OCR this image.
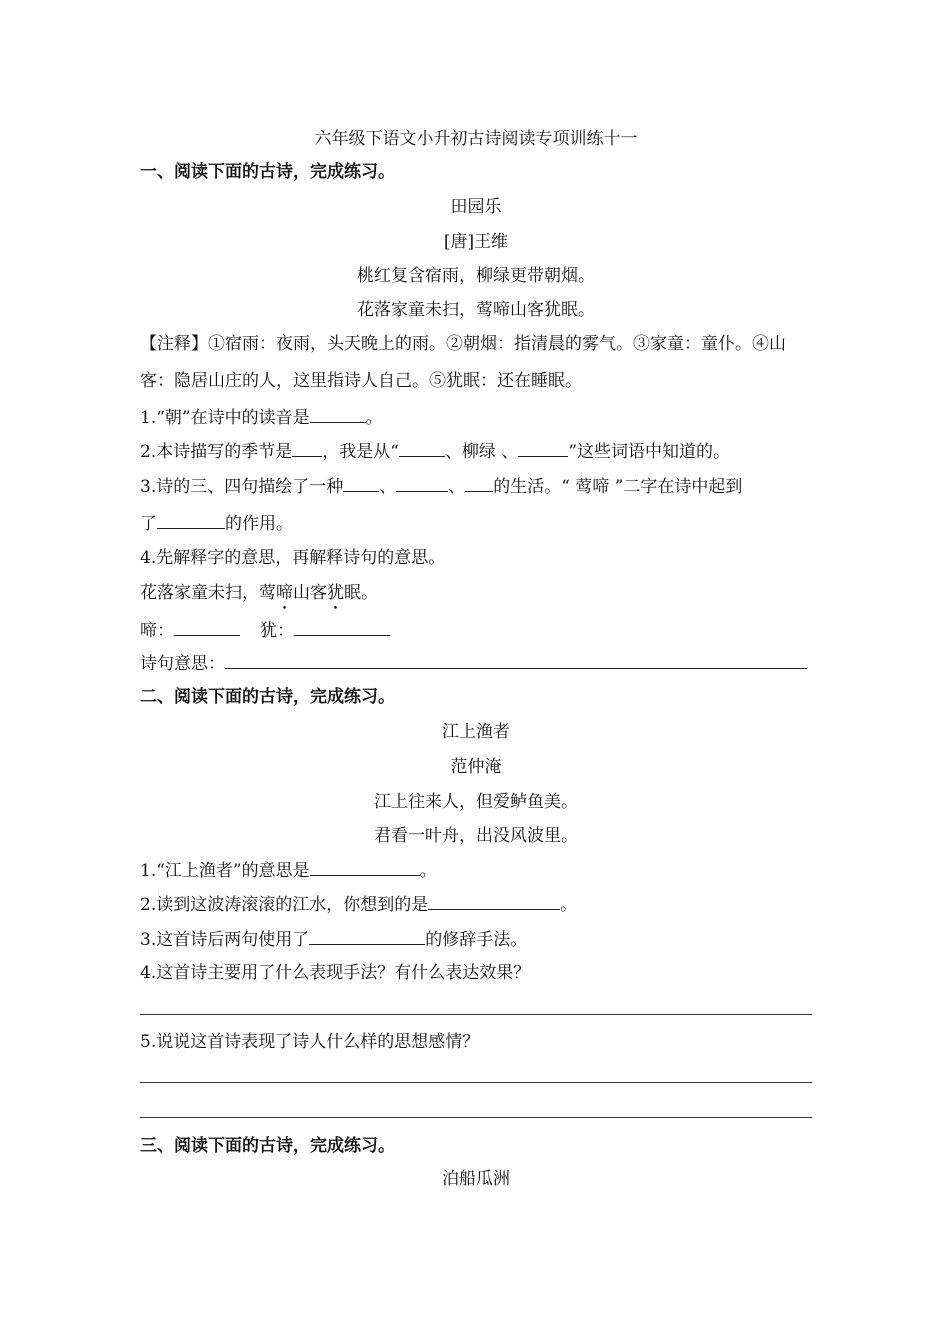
六年级下语文小升初古诗阅读专项训练十一
一、阅读下面的古诗，完成练习。
田园乐
[唐]王维
桃红复含宿雨，柳绿更带朝烟。
花落家童未扫，莺啼山客犹眠。
【注释】①宿雨：夜雨，头天晚上的雨。②朝烟：指清晨的雾气。③家童：童仆。④山
客：隐居山庄的人，这里指诗人自己。⑤犹眠：还在睡眠。
1.“朝”在诗中的读音是	。
2.本诗描写的季节是 ，我是从“	、柳绿 、	”这些词语中知道的。
3.诗的三、四句描绘了一种 、	、 的生活。“ 莺啼 ”二字在诗中起到
了	的作用。
4.先解释字的意思，再解释诗句的意思。
花落家童未扫，莺啼山客犹眠。
啼：	犹：
诗句意思：
二、阅读下面的古诗，完成练习。
江上渔者
范仲淹
江上往来人，但爱鲈鱼美。
君看一叶舟，出没风波里。
1.“江上渔者”的意思是	。
2.读到这波涛滚滚的江水，你想到的是	。
3.这首诗后两句使用了	的修辞手法。
4.这首诗主要用了什么表现手法？有什么表达效果？
5.说说这首诗表现了诗人什么样的思想感情？
三、阅读下面的古诗，完成练习。
泊船瓜洲
